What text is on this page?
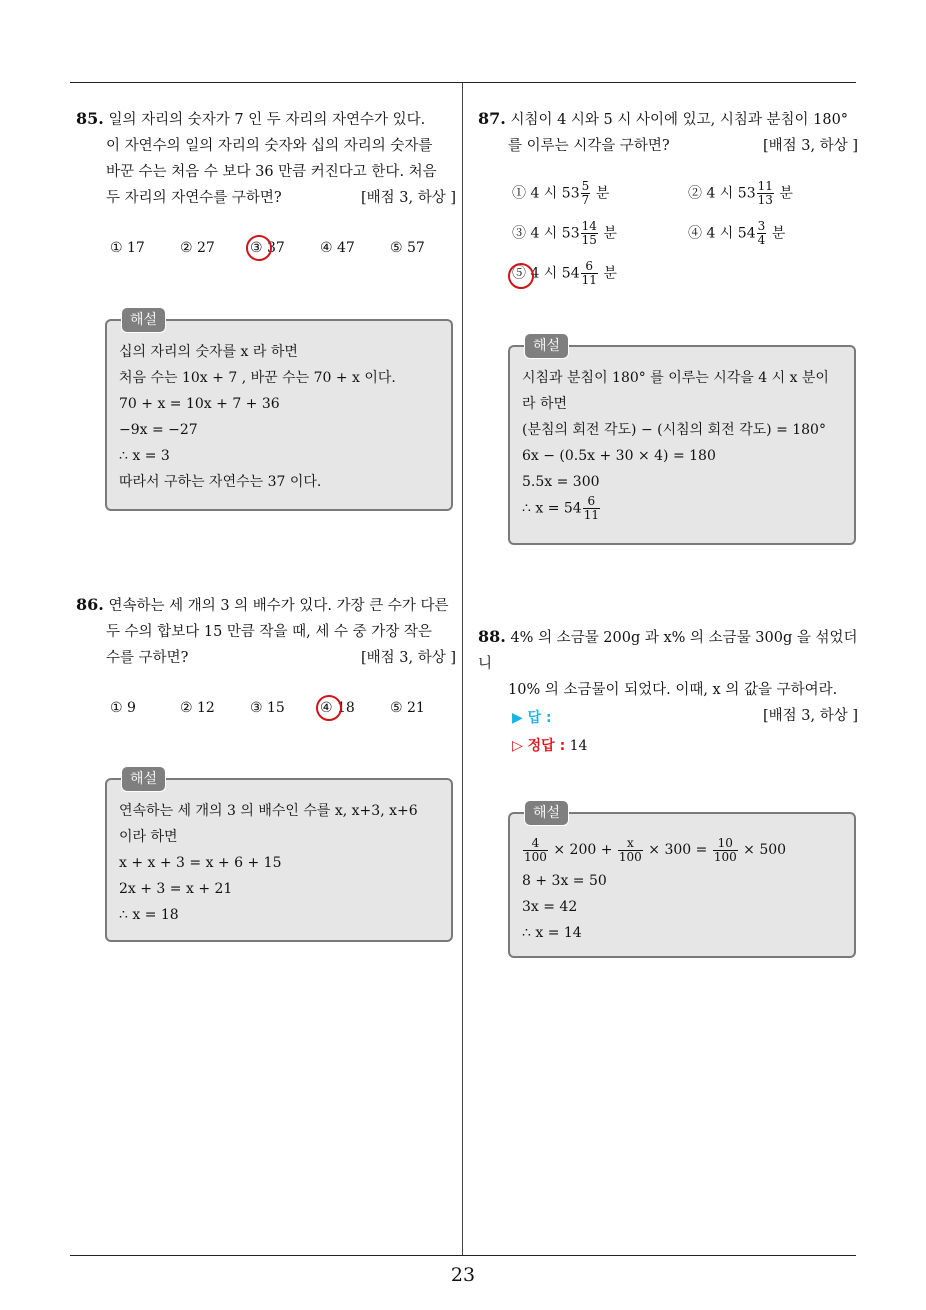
23

85. 일의 자리의 숫자가 7 인 두 자리의 자연수가 있다.

이 자연수의 일의 자리의 숫자와 십의 자리의 숫자를

바꾼 수는 처음 수 보다 36 만큼 커진다고 한다. 처음

두 자리의 자연수를 구하면?	[배점 3, 하상 ]

① 17	② 27	③ 37	④ 47	⑤ 57
해설

십의 자리의 숫자를 x 라 하면

처음 수는 10x + 7 , 바꾼 수는 70 + x 이다.

70 + x = 10x + 7 + 36

−9x = −27

∴ x = 3

따라서 구하는 자연수는 37 이다.

86. 연속하는 세 개의 3 의 배수가 있다. 가장 큰 수가 다른

두 수의 합보다 15 만큼 작을 때, 세 수 중 가장 작은

수를 구하면?	[배점 3, 하상 ]

① 9	② 12	③ 15	④ 18	⑤ 21
해설

연속하는 세 개의 3 의 배수인 수를 x, x+3, x+6

이라 하면

x + x + 3 = x + 6 + 15

2x + 3 = x + 21

∴ x = 18

87. 시침이 4 시와 5 시 사이에 있고, 시침과 분침이 180°

를 이루는 시각을 구하면?	[배점 3, 하상 ]

① 4 시 $53 \frac{5}{7}$ 분	② 4 시 $53 \frac{11}{13}$ 분
③ 4 시 $53 \frac{14}{15}$ 분	④ 4 시 $54 \frac{3}{4}$ 분
⑤ 4 시 $54 \frac{6}{11}$ 분
해설

시침과 분침이 180° 를 이루는 시각을 4 시 x 분이

라 하면

(분침의 회전 각도) − (시침의 회전 각도) = 180°

6x − (0.5x + 30 × 4) = 180

5.5x = 300

∴ $x = 54 \frac{6}{11}$

88. 4% 의 소금물 200g 과 x% 의 소금물 300g 을 섞었더니

10% 의 소금물이 되었다. 이때, x 의 값을 구하여라.

[배점 3, 하상 ]

▶ 답 :
▷ 정답 : 14
해설

$\frac{4}{100} \times 200 + \frac{x}{100} \times 300 = \frac{10}{100} \times 500$

8 + 3x = 50

3x = 42

∴ x = 14
